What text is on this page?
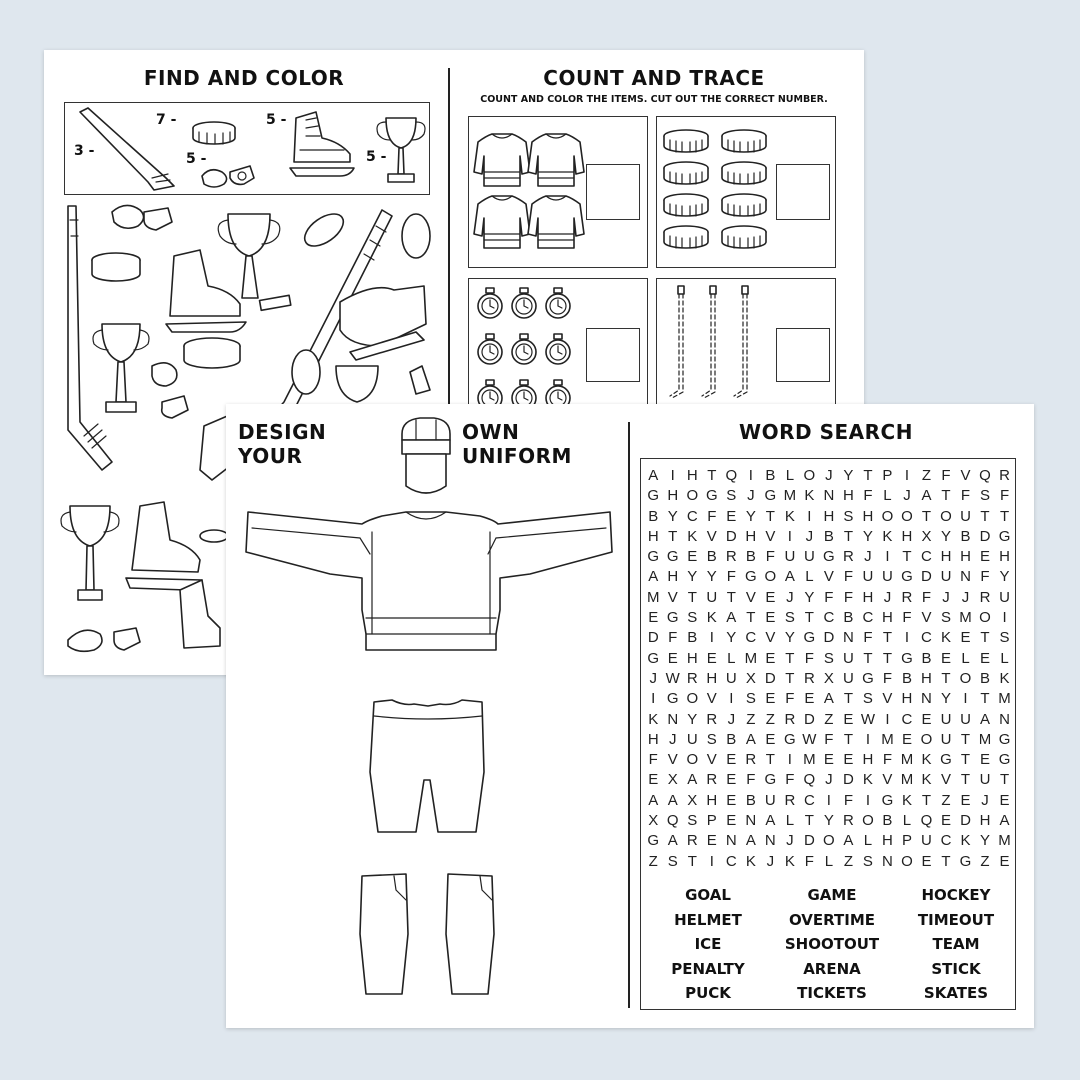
FIND AND COLOR
3 -
7 -
5 -
5 -
5 -
COUNT AND TRACE
COUNT AND COLOR THE ITEMS. CUT OUT THE CORRECT NUMBER.
DESIGN YOUR
OWN UNIFORM
WORD SEARCH
A I H T Q I B L O J Y T P I Z F V Q R
G H O G S J G M K N H F L J A T F S F
B Y C F E Y T K I H S H O O T O U T T
H T K V D H V I J B T Y K H X Y B D G
G G E B R B F U U G R J I T C H H E H
A H Y Y F G O A L V F U U G D U N F Y
M V T U T V E J Y F F H J R F J J R U
E G S K A T E S T C B C H F V S M O I
D F B I Y C V Y G D N F T I C K E T S
G E H E L M E T F S U T T G B E L E L
J W R H U X D T R X U G F B H T O B K
I G O V I S E F E A T S V H N Y I T M
K N Y R J Z Z R D Z E W I C E U U A N
H J U S B A E G W F T I M E O U T M G
F V O V E R T I M E E H F M K G T E G
E X A R E F G F Q J D K V M K V T U T
A A X H E B U R C I F I G K T Z E J E
X Q S P E N A L T Y R O B L Q E D H A
G A R E N A N J D O A L H P U C K Y M
Z S T I C K J K F L Z S N O E T G Z E
GOAL	GAME	HOCKEY
HELMET	OVERTIME	TIMEOUT
ICE	SHOOTOUT	TEAM
PENALTY	ARENA	STICK
PUCK	TICKETS	SKATES
